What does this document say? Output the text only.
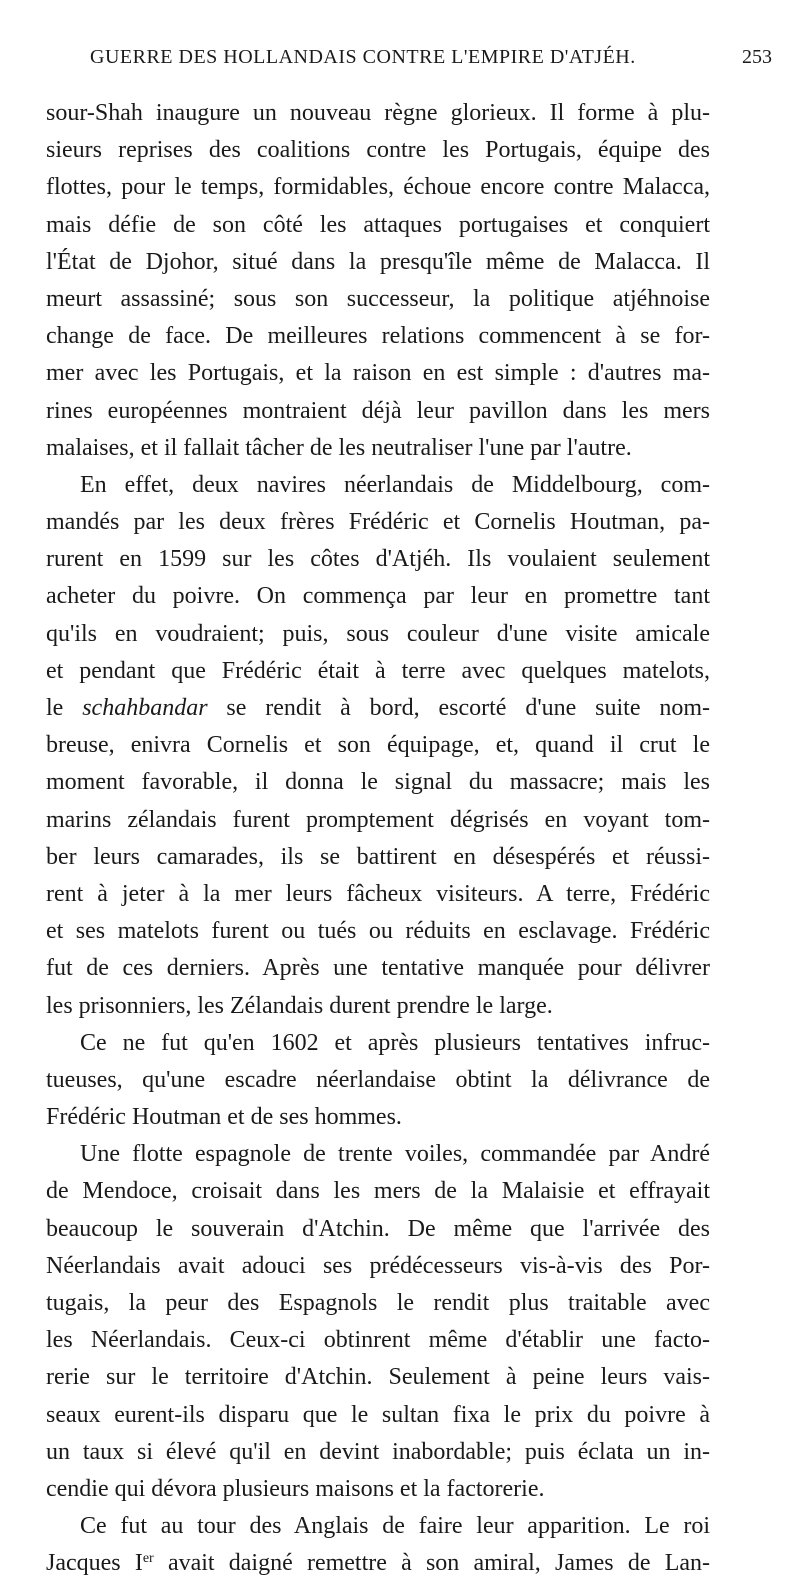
GUERRE DES HOLLANDAIS CONTRE L'EMPIRE D'ATJÉH.	253
sour-Shah inaugure un nouveau règne glorieux. Il forme à plu-
sieurs reprises des coalitions contre les Portugais, équipe des
flottes, pour le temps, formidables, échoue encore contre Malacca,
mais défie de son côté les attaques portugaises et conquiert
l'État de Djohor, situé dans la presqu'île même de Malacca. Il
meurt assassiné; sous son successeur, la politique atjéhnoise
change de face. De meilleures relations commencent à se for-
mer avec les Portugais, et la raison en est simple : d'autres ma-
rines européennes montraient déjà leur pavillon dans les mers
malaises, et il fallait tâcher de les neutraliser l'une par l'autre.
En effet, deux navires néerlandais de Middelbourg, com-
mandés par les deux frères Frédéric et Cornelis Houtman, pa-
rurent en 1599 sur les côtes d'Atjéh. Ils voulaient seulement
acheter du poivre. On commença par leur en promettre tant
qu'ils en voudraient; puis, sous couleur d'une visite amicale
et pendant que Frédéric était à terre avec quelques matelots,
le schahbandar se rendit à bord, escorté d'une suite nom-
breuse, enivra Cornelis et son équipage, et, quand il crut le
moment favorable, il donna le signal du massacre; mais les
marins zélandais furent promptement dégrisés en voyant tom-
ber leurs camarades, ils se battirent en désespérés et réussi-
rent à jeter à la mer leurs fâcheux visiteurs. A terre, Frédéric
et ses matelots furent ou tués ou réduits en esclavage. Frédéric
fut de ces derniers. Après une tentative manquée pour délivrer
les prisonniers, les Zélandais durent prendre le large.
Ce ne fut qu'en 1602 et après plusieurs tentatives infruc-
tueuses, qu'une escadre néerlandaise obtint la délivrance de
Frédéric Houtman et de ses hommes.
Une flotte espagnole de trente voiles, commandée par André
de Mendoce, croisait dans les mers de la Malaisie et effrayait
beaucoup le souverain d'Atchin. De même que l'arrivée des
Néerlandais avait adouci ses prédécesseurs vis-à-vis des Por-
tugais, la peur des Espagnols le rendit plus traitable avec
les Néerlandais. Ceux-ci obtinrent même d'établir une facto-
rerie sur le territoire d'Atchin. Seulement à peine leurs vais-
seaux eurent-ils disparu que le sultan fixa le prix du poivre à
un taux si élevé qu'il en devint inabordable; puis éclata un in-
cendie qui dévora plusieurs maisons et la factorerie.
Ce fut au tour des Anglais de faire leur apparition. Le roi
Jacques Ier avait daigné remettre à son amiral, James de Lan-
